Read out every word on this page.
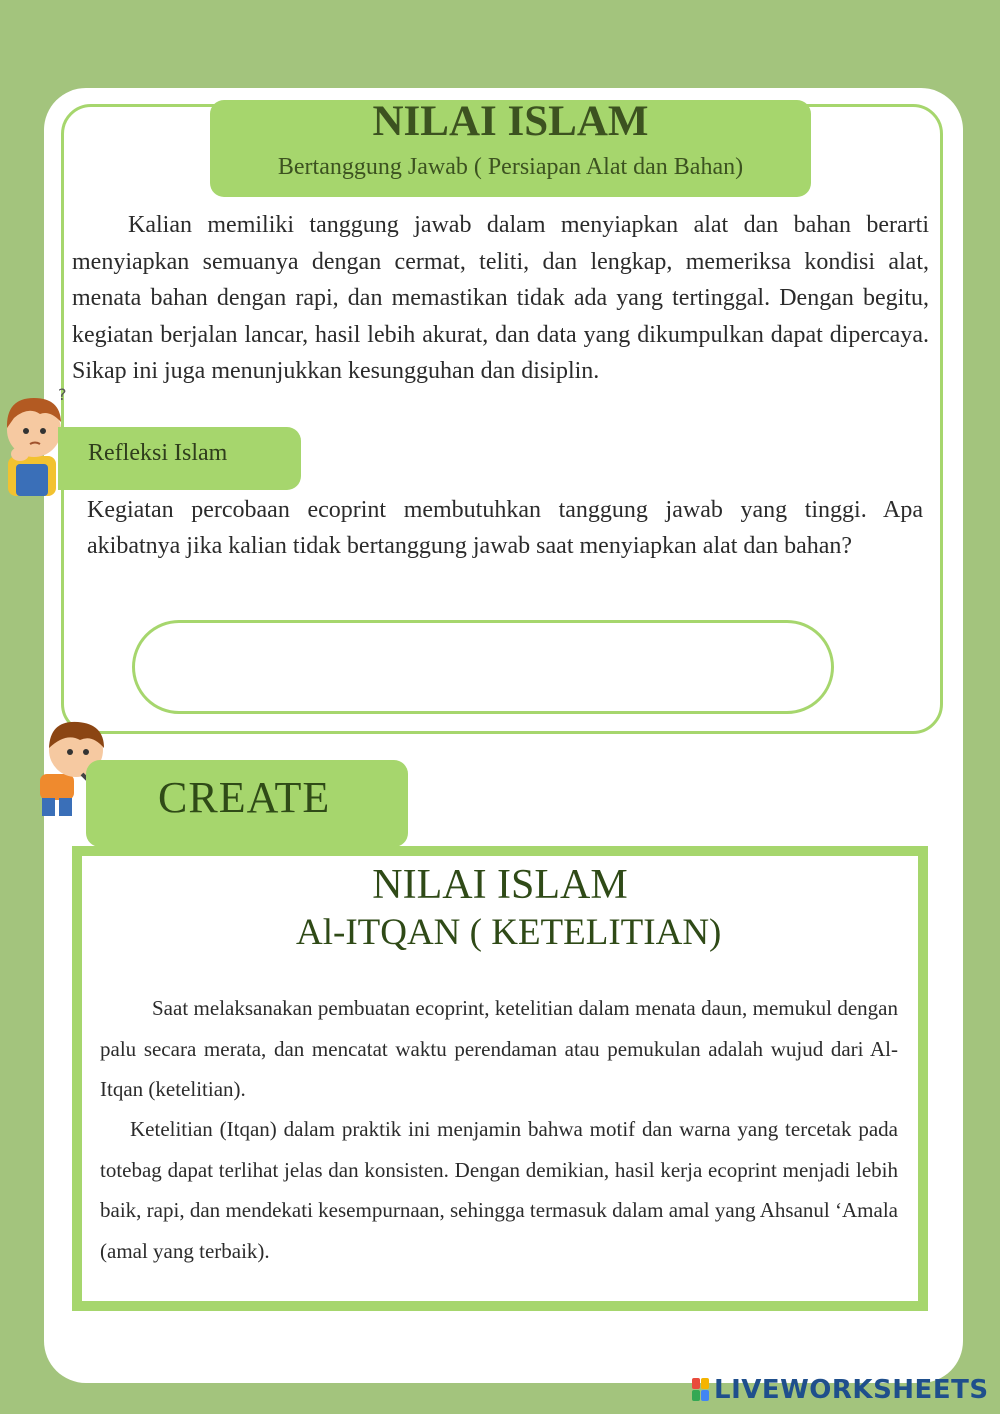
NILAI ISLAM
Bertanggung Jawab ( Persiapan Alat dan Bahan)

Kalian memiliki tanggung jawab dalam menyiapkan alat dan bahan berarti menyiapkan semuanya dengan cermat, teliti, dan lengkap, memeriksa kondisi alat, menata bahan dengan rapi, dan memastikan tidak ada yang tertinggal. Dengan begitu, kegiatan berjalan lancar, hasil lebih akurat, dan data yang dikumpulkan dapat dipercaya. Sikap ini juga menunjukkan kesungguhan dan disiplin.

?
Refleksi Islam

Kegiatan percobaan ecoprint membutuhkan tanggung jawab yang tinggi. Apa akibatnya jika kalian tidak bertanggung jawab saat menyiapkan alat dan bahan?

CREATE
NILAI ISLAM
Al-ITQAN ( KETELITIAN)

Saat melaksanakan pembuatan ecoprint, ketelitian dalam menata daun, memukul dengan palu secara merata, dan mencatat waktu perendaman atau pemukulan adalah wujud dari Al-Itqan (ketelitian).

Ketelitian (Itqan) dalam praktik ini menjamin bahwa motif dan warna yang tercetak pada totebag dapat terlihat jelas dan konsisten. Dengan demikian, hasil kerja ecoprint menjadi lebih baik, rapi, dan mendekati kesempurnaan, sehingga termasuk dalam amal yang Ahsanul ‘Amala (amal yang terbaik).

LIVEWORKSHEETS
